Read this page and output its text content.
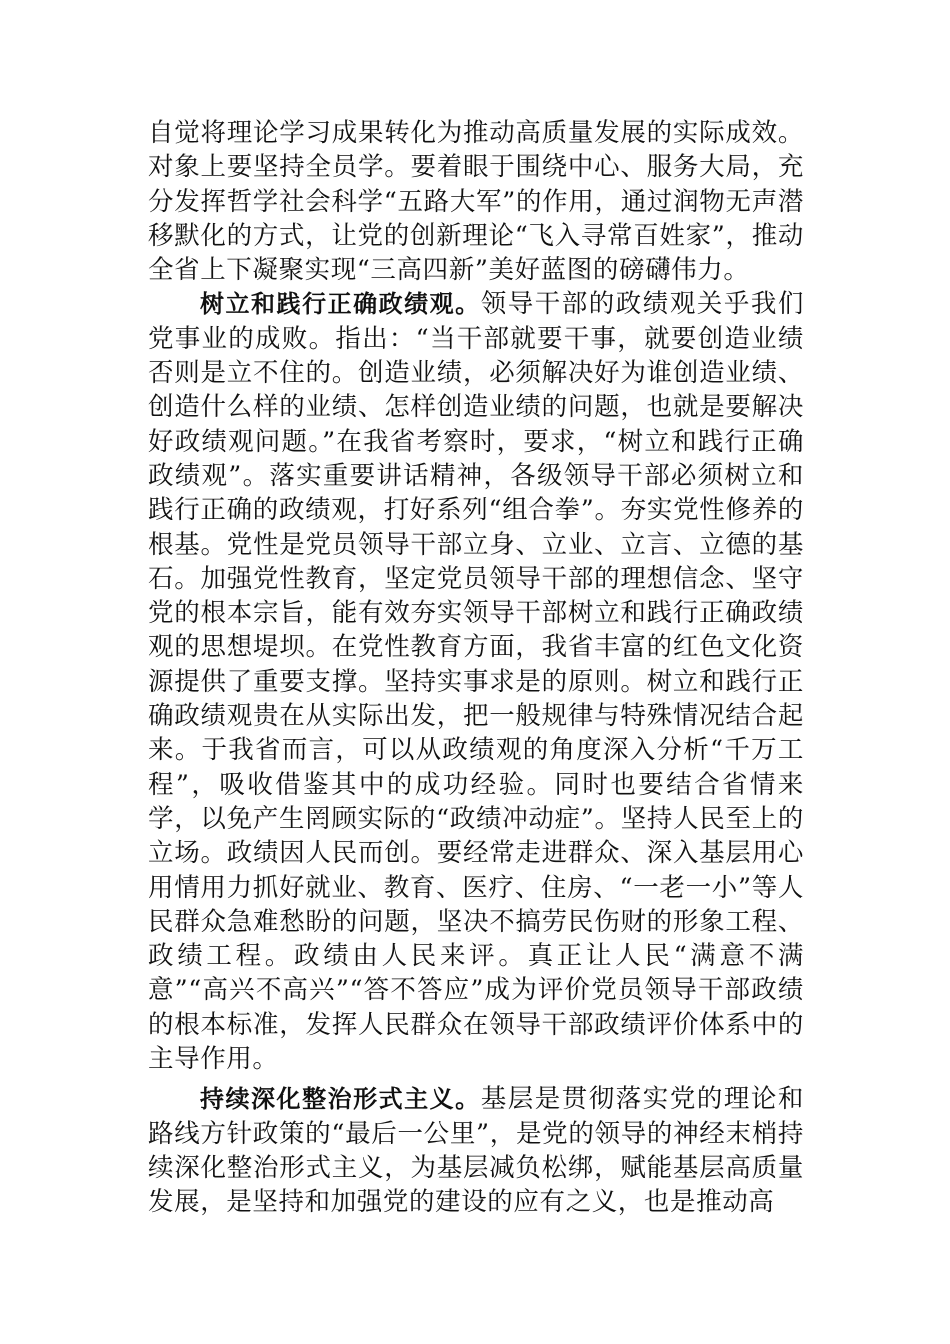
自觉将理论学习成果转化为推动高质量发展的实际成效。对象上要坚持全员学。要着眼于围绕中心、服务大局，充分发挥哲学社会科学“五路大军”的作用，通过润物无声潜移默化的方式，让党的创新理论“飞入寻常百姓家”，推动全省上下凝聚实现“三高四新”美好蓝图的磅礴伟力。

树立和践行正确政绩观。领导干部的政绩观关乎我们党事业的成败。指出：“当干部就要干事，就要创造业绩否则是立不住的。创造业绩，必须解决好为谁创造业绩、创造什么样的业绩、怎样创造业绩的问题，也就是要解决好政绩观问题。”在我省考察时，要求，“树立和践行正确政绩观”。落实重要讲话精神，各级领导干部必须树立和践行正确的政绩观，打好系列“组合拳”。夯实党性修养的根基。党性是党员领导干部立身、立业、立言、立德的基石。加强党性教育，坚定党员领导干部的理想信念、坚守党的根本宗旨，能有效夯实领导干部树立和践行正确政绩观的思想堤坝。在党性教育方面，我省丰富的红色文化资源提供了重要支撑。坚持实事求是的原则。树立和践行正确政绩观贵在从实际出发，把一般规律与特殊情况结合起来。于我省而言，可以从政绩观的角度深入分析“千万工程”，吸收借鉴其中的成功经验。同时也要结合省情来学，以免产生罔顾实际的“政绩冲动症”。坚持人民至上的立场。政绩因人民而创。要经常走进群众、深入基层用心用情用力抓好就业、教育、医疗、住房、“一老一小”等人民群众急难愁盼的问题，坚决不搞劳民伤财的形象工程、政绩工程。政绩由人民来评。真正让人民“满意不满意”“高兴不高兴”“答不答应”成为评价党员领导干部政绩的根本标准，发挥人民群众在领导干部政绩评价体系中的主导作用。

持续深化整治形式主义。基层是贯彻落实党的理论和路线方针政策的“最后一公里”，是党的领导的神经末梢持续深化整治形式主义，为基层减负松绑，赋能基层高质量发展，是坚持和加强党的建设的应有之义，也是推动高
